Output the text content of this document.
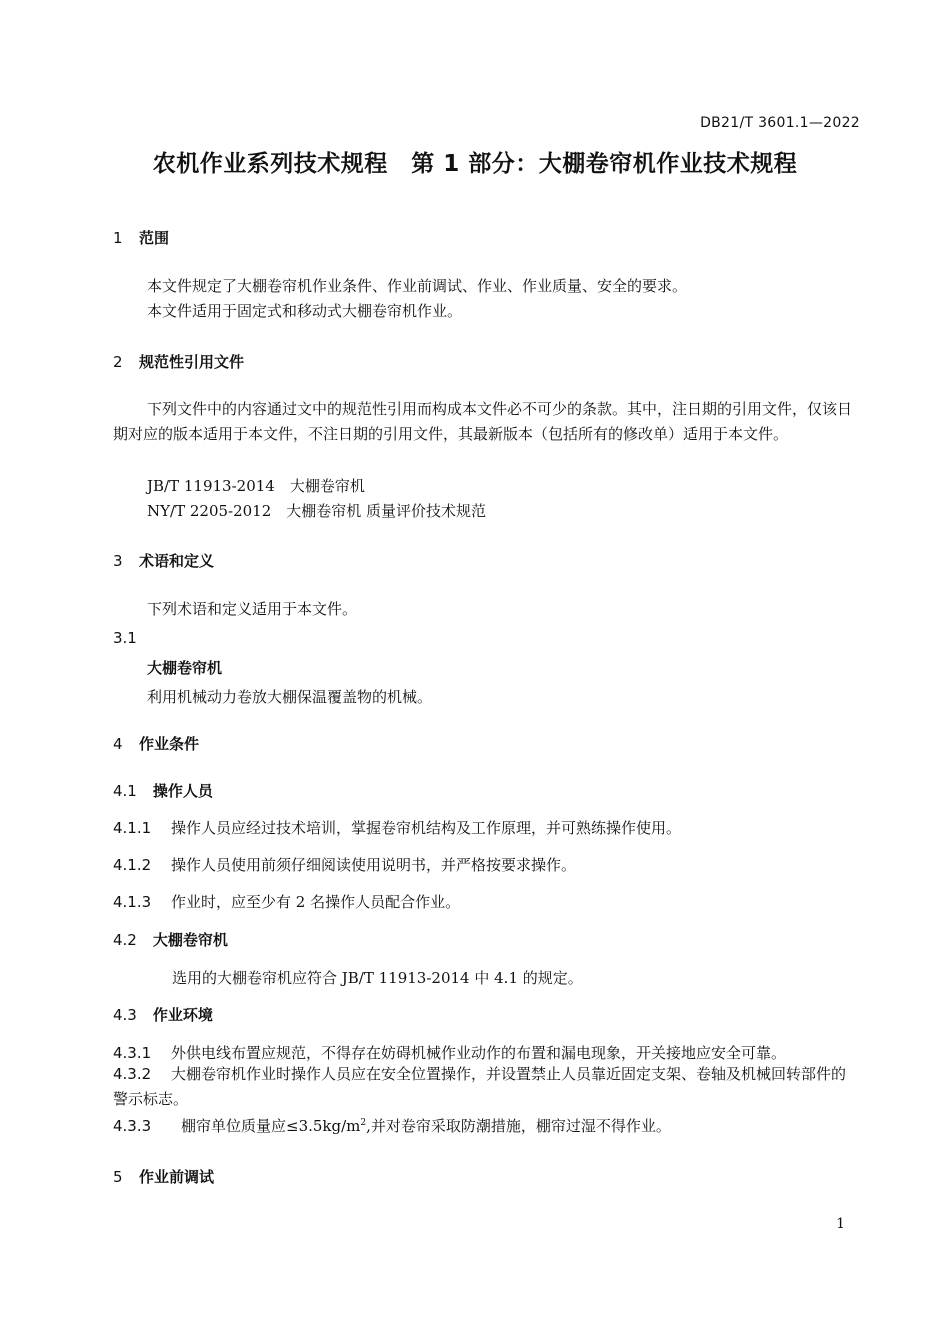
DB21/T 3601.1—2022
农机作业系列技术规程　第 1 部分：大棚卷帘机作业技术规程
1 范围
本文件规定了大棚卷帘机作业条件、作业前调试、作业、作业质量、安全的要求。
本文件适用于固定式和移动式大棚卷帘机作业。
2 规范性引用文件
下列文件中的内容通过文中的规范性引用而构成本文件必不可少的条款。其中，注日期的引用文件，仅该日期对应的版本适用于本文件，不注日期的引用文件，其最新版本（包括所有的修改单）适用于本文件。
JB/T 11913-2014　大棚卷帘机
NY/T 2205-2012　大棚卷帘机 质量评价技术规范
3 术语和定义
下列术语和定义适用于本文件。
3.1
大棚卷帘机
利用机械动力卷放大棚保温覆盖物的机械。
4 作业条件
4.1 操作人员
4.1.1 操作人员应经过技术培训，掌握卷帘机结构及工作原理，并可熟练操作使用。
4.1.2 操作人员使用前须仔细阅读使用说明书，并严格按要求操作。
4.1.3 作业时，应至少有 2 名操作人员配合作业。
4.2 大棚卷帘机
选用的大棚卷帘机应符合 JB/T 11913-2014 中 4.1 的规定。
4.3 作业环境
4.3.1 外供电线布置应规范，不得存在妨碍机械作业动作的布置和漏电现象，开关接地应安全可靠。
4.3.2 大棚卷帘机作业时操作人员应在安全位置操作，并设置禁止人员靠近固定支架、卷轴及机械回转部件的警示标志。
4.3.3 棚帘单位质量应$\le 3.5kg/m^2$,并对卷帘采取防潮措施，棚帘过湿不得作业。
5 作业前调试
1
